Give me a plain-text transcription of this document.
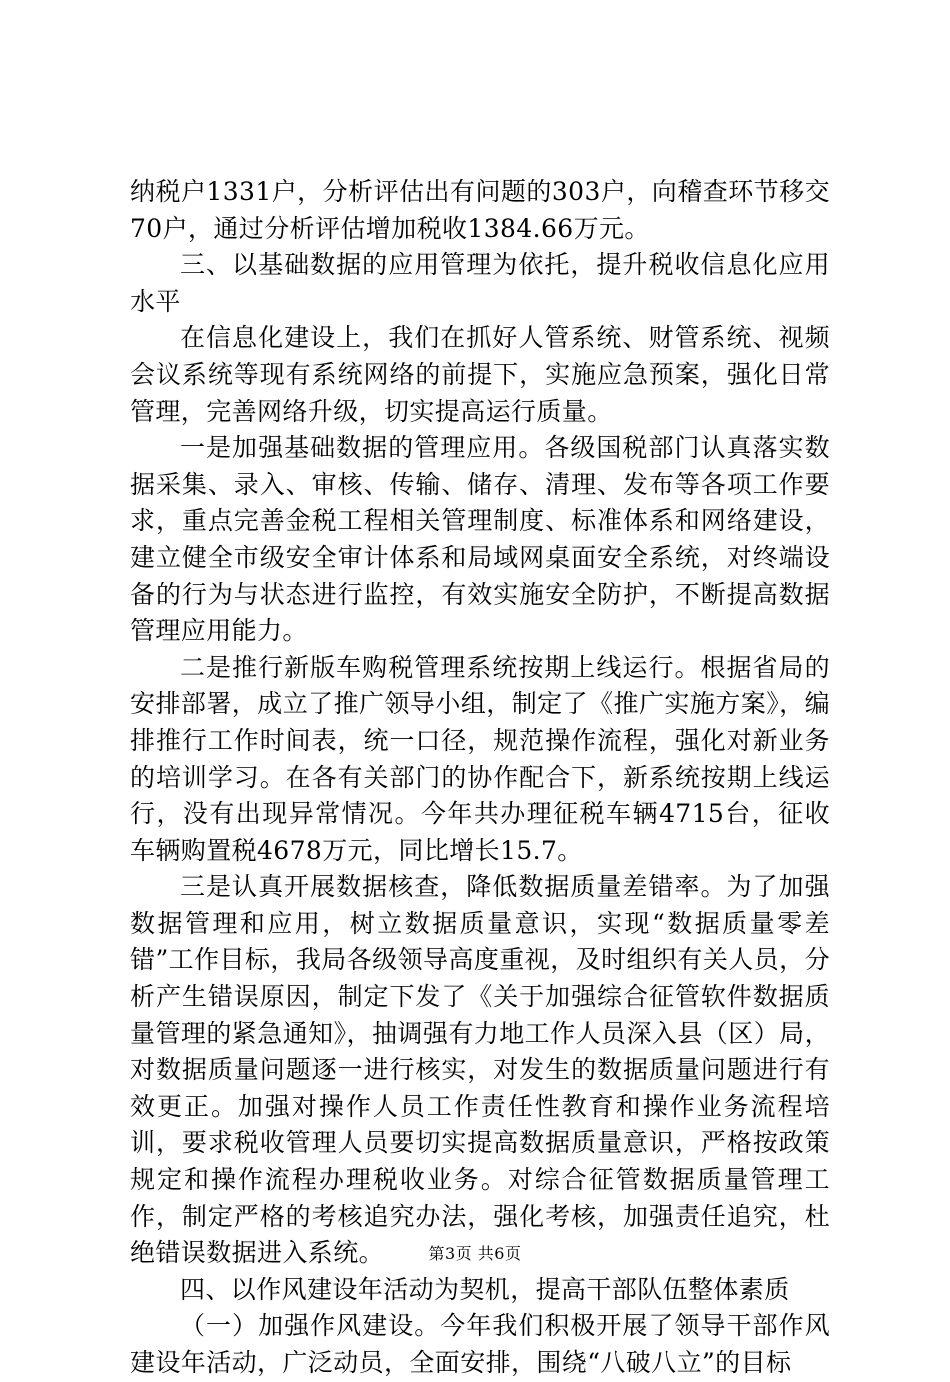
纳税户1331户，分析评估出有问题的303户，向稽查环节移交70户，通过分析评估增加税收1384.66万元。

三、以基础数据的应用管理为依托，提升税收信息化应用水平

在信息化建设上，我们在抓好人管系统、财管系统、视频会议系统等现有系统网络的前提下，实施应急预案，强化日常管理，完善网络升级，切实提高运行质量。

一是加强基础数据的管理应用。各级国税部门认真落实数据采集、录入、审核、传输、储存、清理、发布等各项工作要求，重点完善金税工程相关管理制度、标准体系和网络建设，建立健全市级安全审计体系和局域网桌面安全系统，对终端设备的行为与状态进行监控，有效实施安全防护，不断提高数据管理应用能力。

二是推行新版车购税管理系统按期上线运行。根据省局的安排部署，成立了推广领导小组，制定了《推广实施方案》，编排推行工作时间表，统一口径，规范操作流程，强化对新业务的培训学习。在各有关部门的协作配合下，新系统按期上线运行，没有出现异常情况。今年共办理征税车辆4715台，征收车辆购置税4678万元，同比增长15.7。

三是认真开展数据核查，降低数据质量差错率。为了加强数据管理和应用，树立数据质量意识，实现“数据质量零差错”工作目标，我局各级领导高度重视，及时组织有关人员，分析产生错误原因，制定下发了《关于加强综合征管软件数据质量管理的紧急通知》，抽调强有力地工作人员深入县（区）局，对数据质量问题逐一进行核实，对发生的数据质量问题进行有效更正。加强对操作人员工作责任性教育和操作业务流程培训，要求税收管理人员要切实提高数据质量意识，严格按政策规定和操作流程办理税收业务。对综合征管数据质量管理工作，制定严格的考核追究办法，强化考核，加强责任追究，杜绝错误数据进入系统。

四、以作风建设年活动为契机，提高干部队伍整体素质

（一）加强作风建设。今年我们积极开展了领导干部作风建设年活动，广泛动员，全面安排，围绕“八破八立”的目标

第3页 共6页
